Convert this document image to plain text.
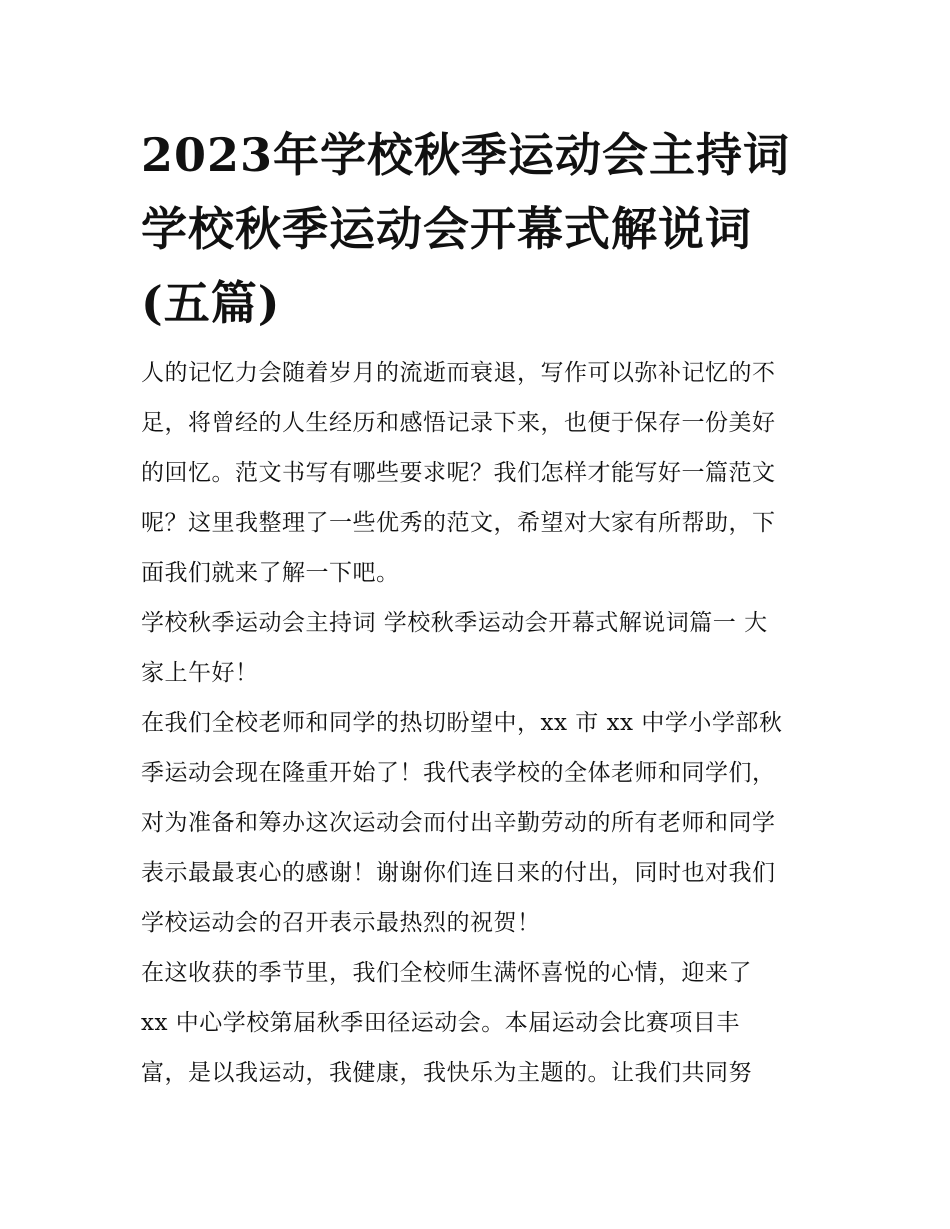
2023年学校秋季运动会主持词
学校秋季运动会开幕式解说词
(五篇)

人的记忆力会随着岁月的流逝而衰退，写作可以弥补记忆的不
足，将曾经的人生经历和感悟记录下来，也便于保存一份美好
的回忆。范文书写有哪些要求呢？我们怎样才能写好一篇范文
呢？这里我整理了一些优秀的范文，希望对大家有所帮助，下
面我们就来了解一下吧。

学校秋季运动会主持词 学校秋季运动会开幕式解说词篇一 大
家上午好！

在我们全校老师和同学的热切盼望中，xx 市 xx 中学小学部秋
季运动会现在隆重开始了！我代表学校的全体老师和同学们，
对为准备和筹办这次运动会而付出辛勤劳动的所有老师和同学
表示最最衷心的感谢！谢谢你们连日来的付出，同时也对我们
学校运动会的召开表示最热烈的祝贺！

在这收获的季节里，我们全校师生满怀喜悦的心情，迎来了
xx 中心学校第届秋季田径运动会。本届运动会比赛项目丰
富，是以我运动，我健康，我快乐为主题的。让我们共同努
